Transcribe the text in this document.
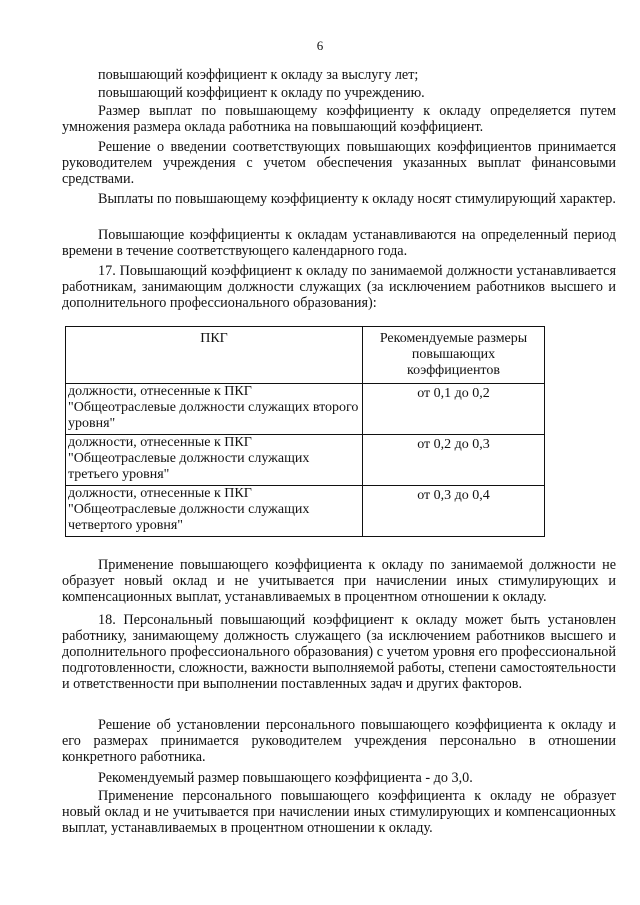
6

повышающий коэффициент к окладу за выслугу лет;

повышающий коэффициент к окладу по учреждению.

Размер выплат по повышающему коэффициенту к окладу определяется путем умножения размера оклада работника на повышающий коэффициент.

Решение о введении соответствующих повышающих коэффициентов принимается руководителем учреждения с учетом обеспечения указанных выплат финансовыми средствами.

Выплаты по повышающему коэффициенту к окладу носят стимулирующий характер.

Повышающие коэффициенты к окладам устанавливаются на определенный период времени в течение соответствующего календарного года.

17. Повышающий коэффициент к окладу по занимаемой должности устанавливается работникам, занимающим должности служащих (за исключением работников высшего и дополнительного профессионального образования):

ПКГ	Рекомендуемые размеры повышающих коэффициентов
должности, отнесенные к ПКГ "Общеотраслевые должности служащих второго уровня"	от 0,1 до 0,2
должности, отнесенные к ПКГ "Общеотраслевые должности служащих третьего уровня"	от 0,2 до 0,3
должности, отнесенные к ПКГ "Общеотраслевые должности служащих четвертого уровня"	от 0,3 до 0,4

Применение повышающего коэффициента к окладу по занимаемой должности не образует новый оклад и не учитывается при начислении иных стимулирующих и компенсационных выплат, устанавливаемых в процентном отношении к окладу.

18. Персональный повышающий коэффициент к окладу может быть установлен работнику, занимающему должность служащего (за исключением работников высшего и дополнительного профессионального образования) с учетом уровня его профессиональной подготовленности, сложности, важности выполняемой работы, степени самостоятельности и ответственности при выполнении поставленных задач и других факторов.

Решение об установлении персонального повышающего коэффициента к окладу и его размерах принимается руководителем учреждения персонально в отношении конкретного работника.

Рекомендуемый размер повышающего коэффициента - до 3,0.

Применение персонального повышающего коэффициента к окладу не образует новый оклад и не учитывается при начислении иных стимулирующих и компенсационных выплат, устанавливаемых в процентном отношении к окладу.
